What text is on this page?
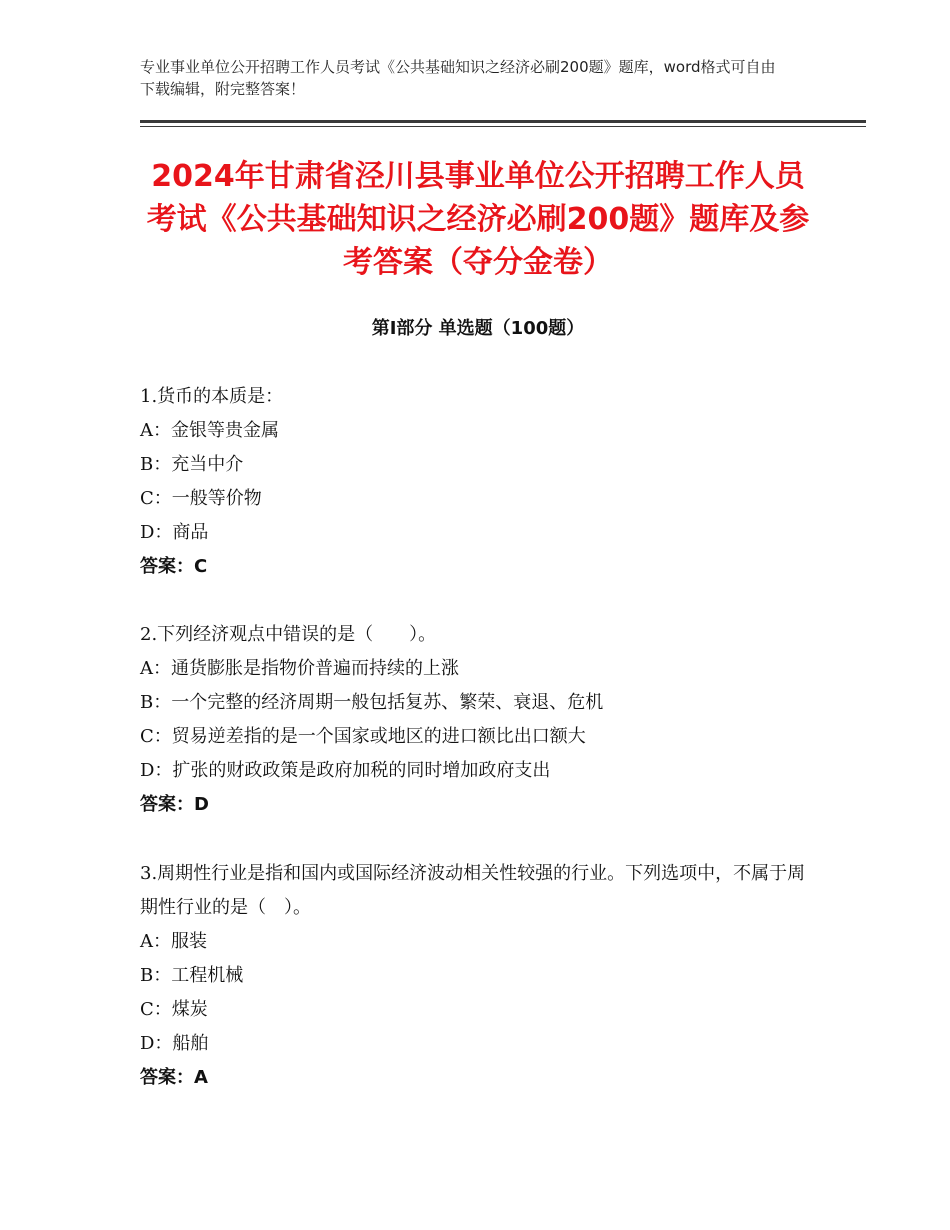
专业事业单位公开招聘工作人员考试《公共基础知识之经济必刷200题》题库，word格式可自由下载编辑，附完整答案！
2024年甘肃省泾川县事业单位公开招聘工作人员考试《公共基础知识之经济必刷200题》题库及参考答案（夺分金卷）
第I部分 单选题（100题）
1.货币的本质是：
A：金银等贵金属
B：充当中介
C：一般等价物
D：商品
答案：C
2.下列经济观点中错误的是（　　）。
A：通货膨胀是指物价普遍而持续的上涨
B：一个完整的经济周期一般包括复苏、繁荣、衰退、危机
C：贸易逆差指的是一个国家或地区的进口额比出口额大
D：扩张的财政政策是政府加税的同时增加政府支出
答案：D
3.周期性行业是指和国内或国际经济波动相关性较强的行业。下列选项中，不属于周期性行业的是（　）。
A：服装
B：工程机械
C：煤炭
D：船舶
答案：A
